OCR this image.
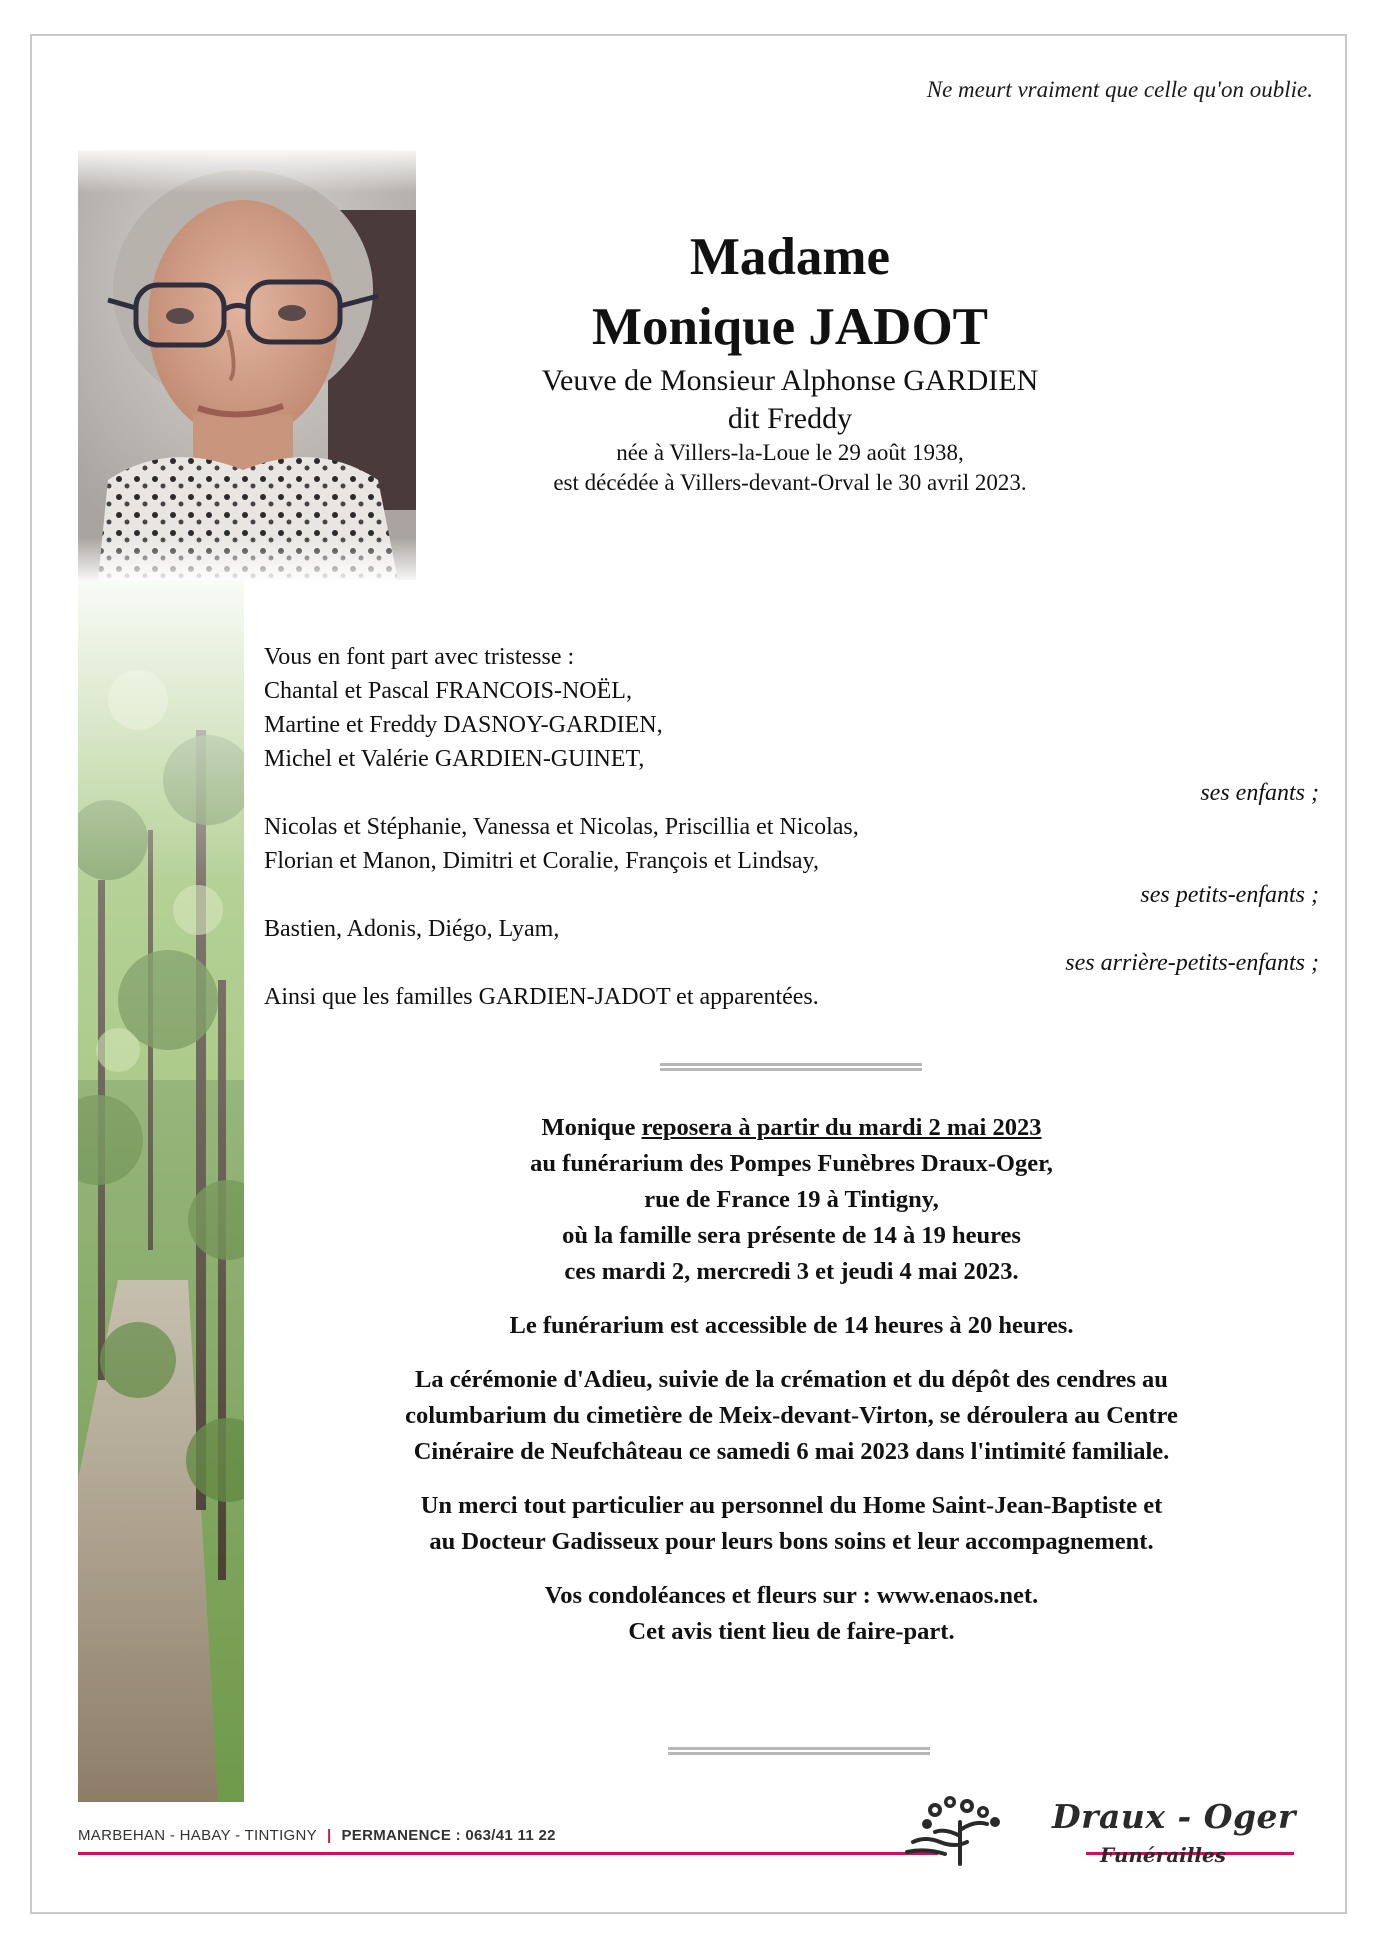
Ne meurt vraiment que celle qu'on oublie.
Madame
Monique JADOT
Veuve de Monsieur Alphonse GARDIEN
dit Freddy
née à Villers-la-Loue le 29 août 1938,
est décédée à Villers-devant-Orval le 30 avril 2023.
Vous en font part avec tristesse :
Chantal et Pascal FRANCOIS-NOËL,
Martine et Freddy DASNOY-GARDIEN,
Michel et Valérie GARDIEN-GUINET,
ses enfants ;
Nicolas et Stéphanie, Vanessa et Nicolas, Priscillia et Nicolas,
Florian et Manon, Dimitri et Coralie, François et Lindsay,
ses petits-enfants ;
Bastien, Adonis, Diégo, Lyam,
ses arrière-petits-enfants ;
Ainsi que les familles GARDIEN-JADOT et apparentées.
Monique reposera à partir du mardi 2 mai 2023
au funérarium des Pompes Funèbres Draux-Oger,
rue de France 19 à Tintigny,
où la famille sera présente de 14 à 19 heures
ces mardi 2, mercredi 3 et jeudi 4 mai 2023.
Le funérarium est accessible de 14 heures à 20 heures.
La cérémonie d'Adieu, suivie de la crémation et du dépôt des cendres au
columbarium du cimetière de Meix-devant-Virton, se déroulera au Centre
Cinéraire de Neufchâteau ce samedi 6 mai 2023 dans l'intimité familiale.
Un merci tout particulier au personnel du Home Saint-Jean-Baptiste et
au Docteur Gadisseux pour leurs bons soins et leur accompagnement.
Vos condoléances et fleurs sur : www.enaos.net.
Cet avis tient lieu de faire-part.
MARBEHAN - HABAY - TINTIGNY | PERMANENCE : 063/41 11 22	Draux - Oger
Funérailles
